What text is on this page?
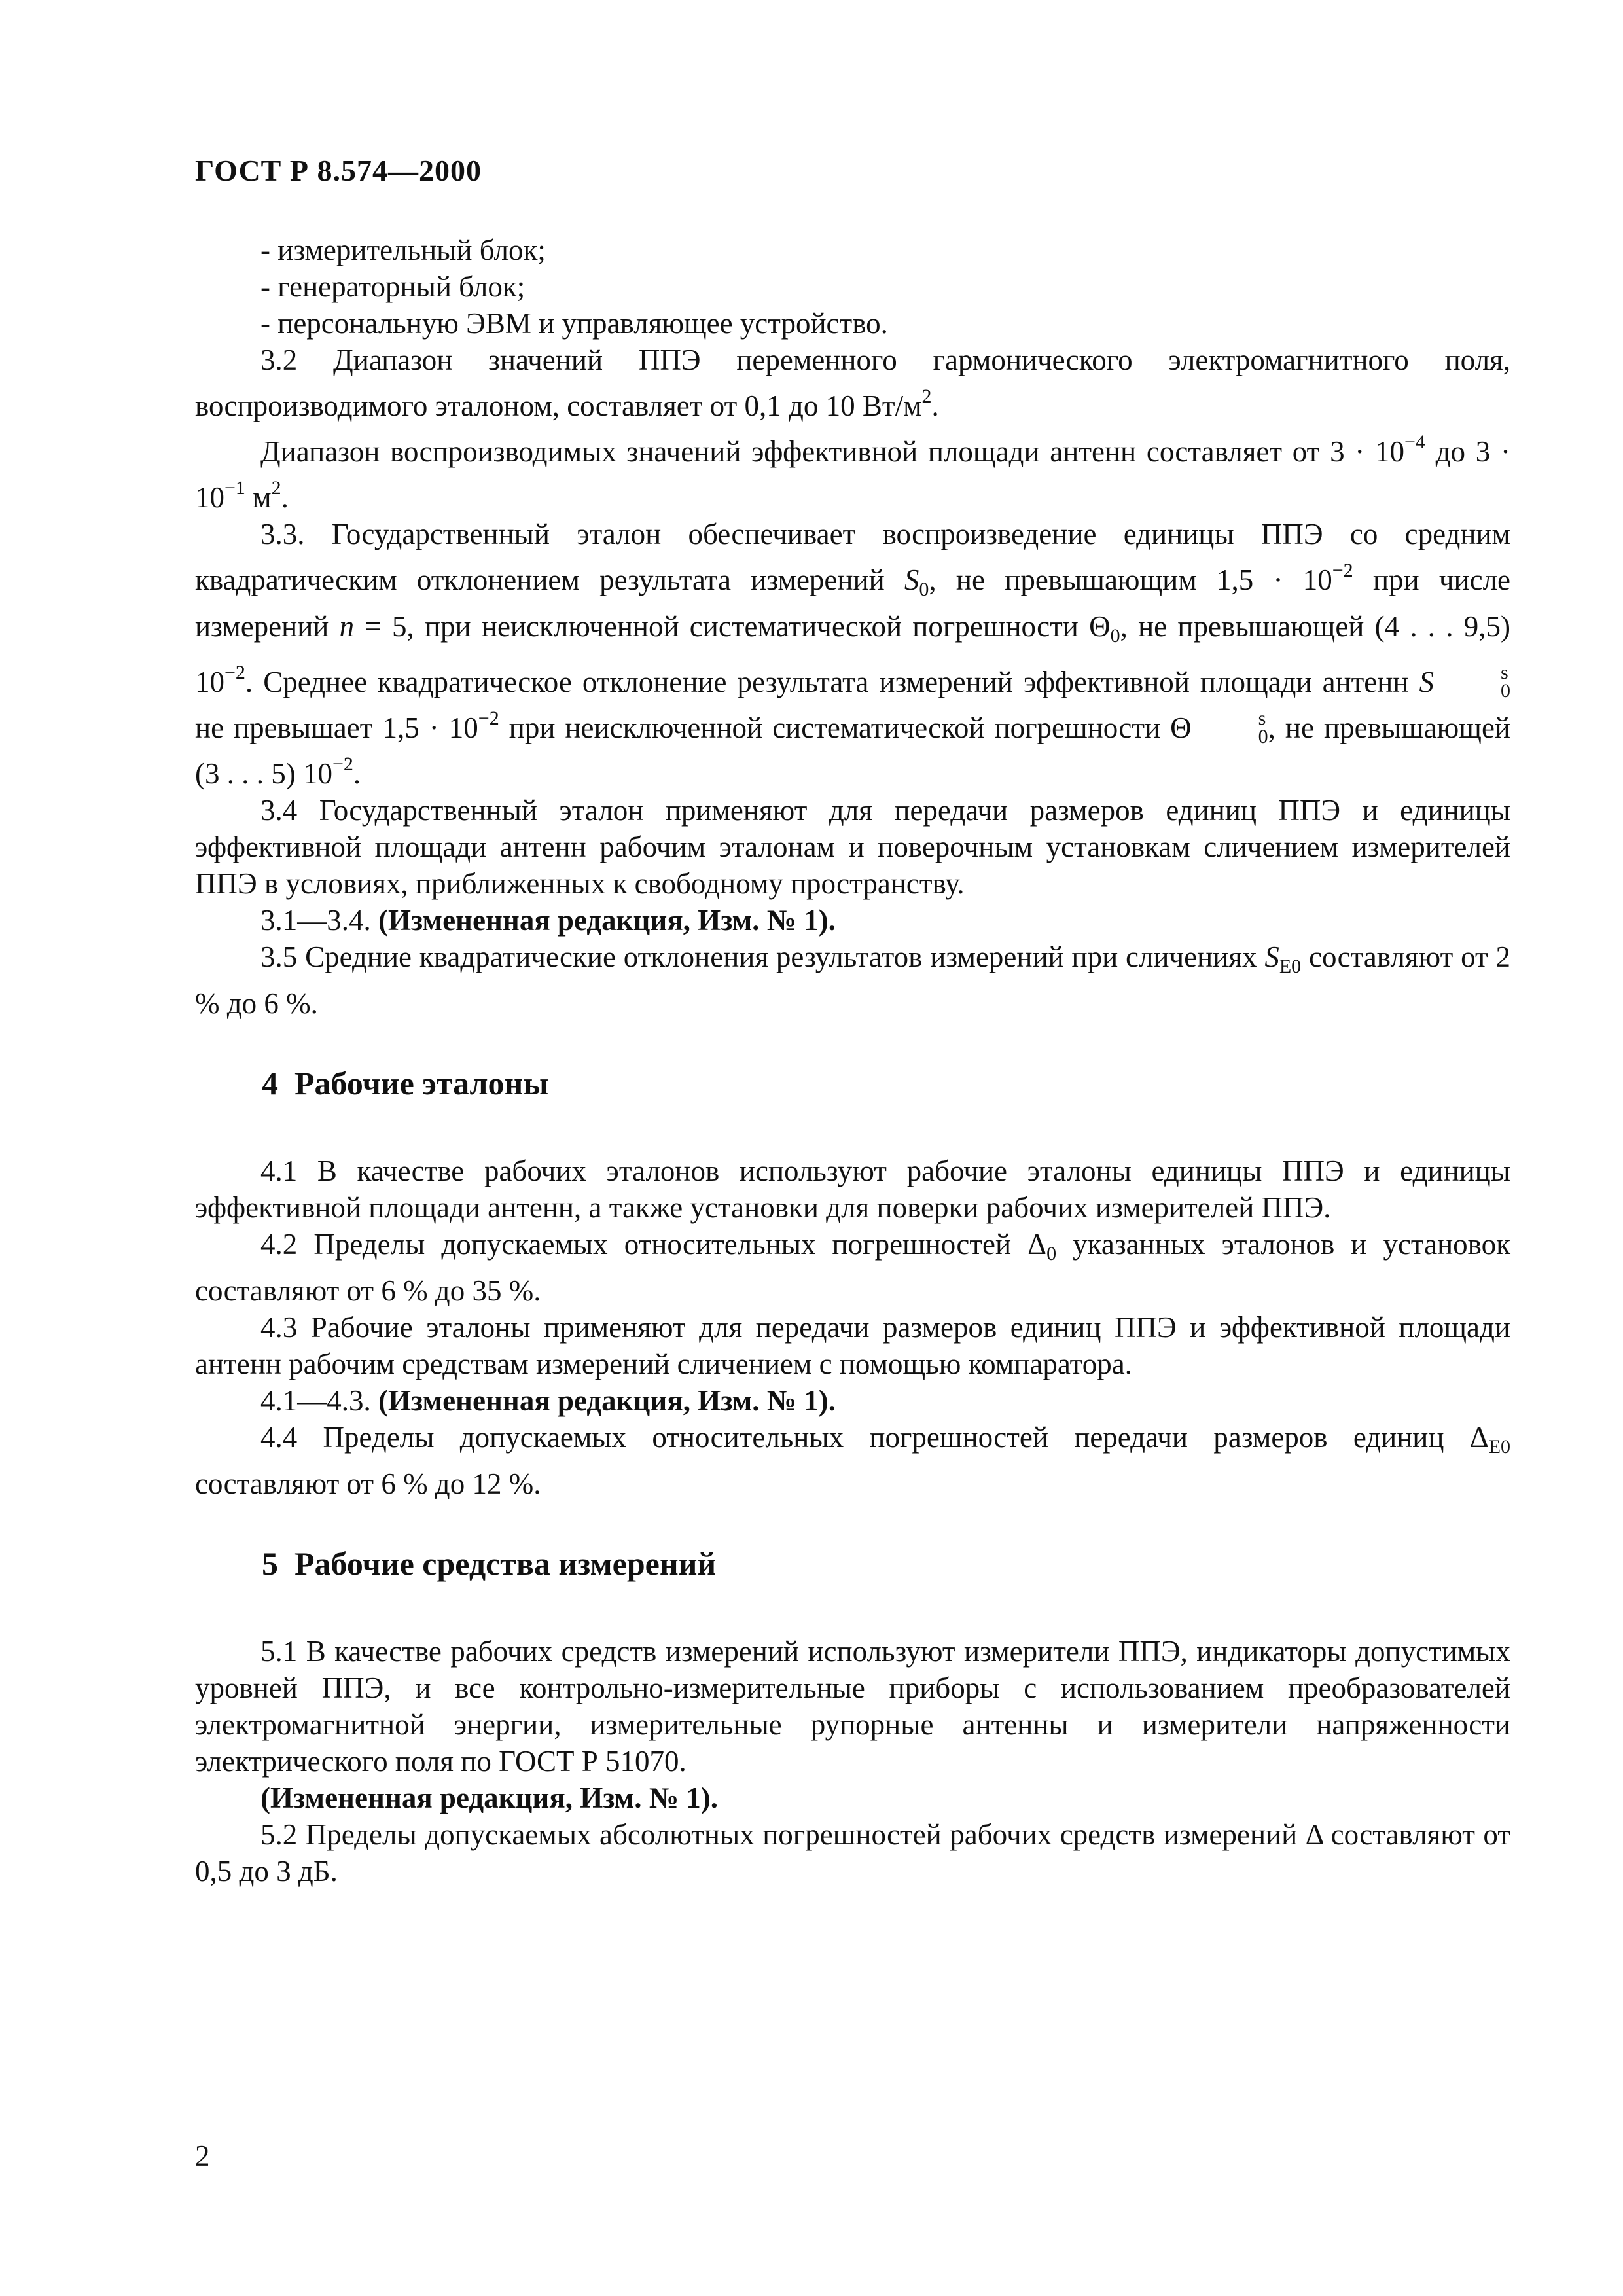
ГОСТ Р 8.574—2000

- измерительный блок;

- генераторный блок;

- персональную ЭВМ и управляющее устройство.

3.2 Диапазон значений ППЭ переменного гармонического электромагнитного поля, воспроизводимого эталоном, составляет от 0,1 до 10 $Вт/м^2$.

Диапазон воспроизводимых значений эффективной площади антенн составляет от $3 \cdot 10^{-4}$ до $3 \cdot 10^{-1}$ $м^2$.

3.3. Государственный эталон обеспечивает воспроизведение единицы ППЭ со средним квадратическим отклонением результата измерений $S_0$, не превышающим $1,5 \cdot 10^{-2}$ при числе измерений n = 5, при неисключенной систематической погрешности $\Theta_0$, не превышающей (4 . . . 9,5) $10^{-2}$. Среднее квадратическое отклонение результата измерений эффективной площади антенн S	s
0
не превышает $1,5 \cdot 10^{-2}$ при неисключенной систематической погрешности Θ	s
0 , не превышающей (3 . . . 5) $10^{-2}$.

3.4 Государственный эталон применяют для передачи размеров единиц ППЭ и единицы эффективной площади антенн рабочим эталонам и поверочным установкам сличением измерителей ППЭ в условиях, приближенных к свободному пространству.

3.1—3.4. (Измененная редакция, Изм. № 1).

3.5 Средние квадратические отклонения результатов измерений при сличениях $S_{E0}$ составляют от 2 % до 6 %.

4 Рабочие эталоны

4.1 В качестве рабочих эталонов используют рабочие эталоны единицы ППЭ и единицы эффективной площади антенн, а также установки для поверки рабочих измерителей ППЭ.

4.2 Пределы допускаемых относительных погрешностей $\Delta_0$ указанных эталонов и установок составляют от 6 % до 35 %.

4.3 Рабочие эталоны применяют для передачи размеров единиц ППЭ и эффективной площади антенн рабочим средствам измерений сличением с помощью компаратора.

4.1—4.3. (Измененная редакция, Изм. № 1).

4.4 Пределы допускаемых относительных погрешностей передачи размеров единиц $\Delta_{E0}$ составляют от 6 % до 12 %.

5 Рабочие средства измерений

5.1 В качестве рабочих средств измерений используют измерители ППЭ, индикаторы допустимых уровней ППЭ, и все контрольно-измерительные приборы с использованием преобразователей электромагнитной энергии, измерительные рупорные антенны и измерители напряженности электрического поля по ГОСТ Р 51070.

(Измененная редакция, Изм. № 1).

5.2 Пределы допускаемых абсолютных погрешностей рабочих средств измерений Δ составляют от 0,5 до 3 дБ.

2
